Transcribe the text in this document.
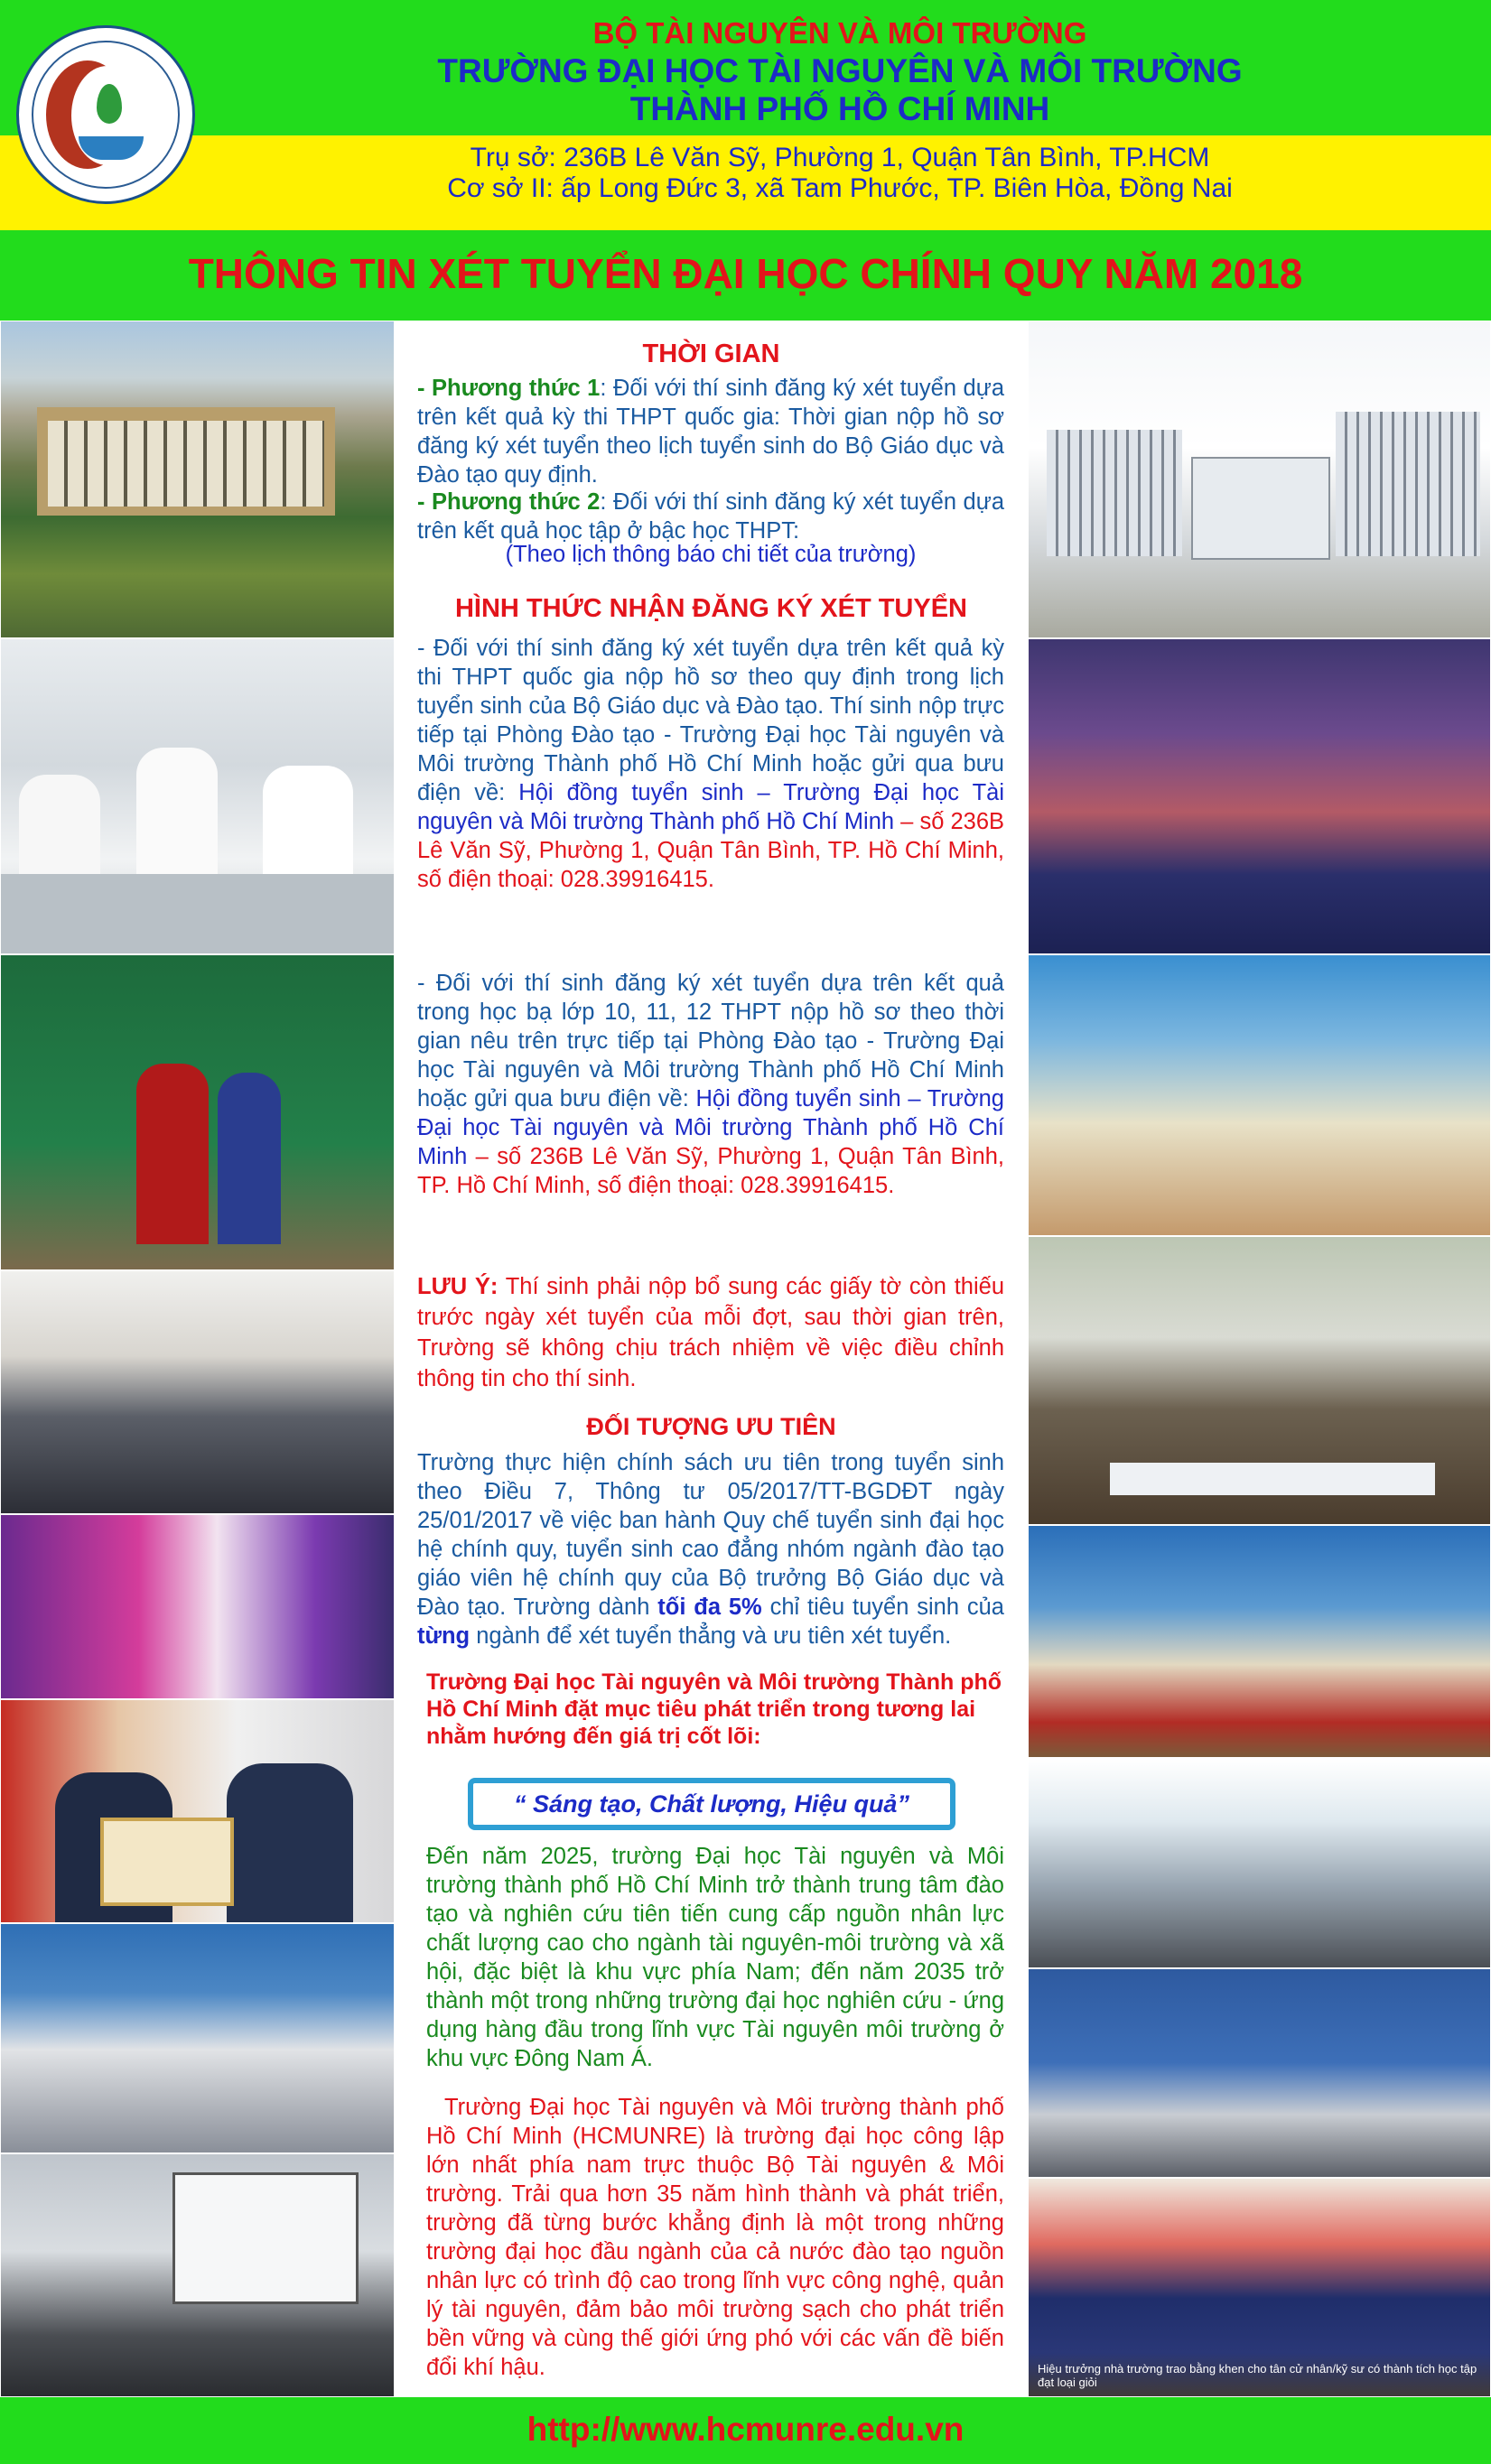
BỘ TÀI NGUYÊN VÀ MÔI TRƯỜNG
TRƯỜNG ĐẠI HỌC TÀI NGUYÊN VÀ MÔI TRƯỜNG
THÀNH PHỐ HỒ CHÍ MINH
Trụ sở: 236B Lê Văn Sỹ, Phường 1, Quận Tân Bình, TP.HCM
Cơ sở II: ấp Long Đức 3, xã Tam Phước, TP. Biên Hòa, Đồng Nai
THÔNG TIN XÉT TUYỂN ĐẠI HỌC CHÍNH QUY NĂM 2018
Hiệu trưởng nhà trường trao bằng khen cho tân cử nhân/kỹ sư có thành tích học tập đạt loại giỏi
THỜI GIAN
- Phương thức 1: Đối với thí sinh đăng ký xét tuyển dựa trên kết quả kỳ thi THPT quốc gia: Thời gian nộp hồ sơ đăng ký xét tuyển theo lịch tuyển sinh do Bộ Giáo dục và Đào tạo quy định.
- Phương thức 2: Đối với thí sinh đăng ký xét tuyển dựa trên kết quả học tập ở bậc học THPT:
(Theo lịch thông báo chi tiết của trường)
HÌNH THỨC NHẬN ĐĂNG KÝ XÉT TUYỂN
- Đối với thí sinh đăng ký xét tuyển dựa trên kết quả kỳ thi THPT quốc gia nộp hồ sơ theo quy định trong lịch tuyển sinh của Bộ Giáo dục và Đào tạo. Thí sinh nộp trực tiếp tại Phòng Đào tạo - Trường Đại học Tài nguyên và Môi trường Thành phố Hồ Chí Minh hoặc gửi qua bưu điện về: Hội đồng tuyển sinh – Trường Đại học Tài nguyên và Môi trường Thành phố Hồ Chí Minh – số 236B Lê Văn Sỹ, Phường 1, Quận Tân Bình, TP. Hồ Chí Minh, số điện thoại: 028.39916415.
- Đối với thí sinh đăng ký xét tuyển dựa trên kết quả trong học bạ lớp 10, 11, 12 THPT nộp hồ sơ theo thời gian nêu trên trực tiếp tại Phòng Đào tạo - Trường Đại học Tài nguyên và Môi trường Thành phố Hồ Chí Minh hoặc gửi qua bưu điện về: Hội đồng tuyển sinh – Trường Đại học Tài nguyên và Môi trường Thành phố Hồ Chí Minh – số 236B Lê Văn Sỹ, Phường 1, Quận Tân Bình, TP. Hồ Chí Minh, số điện thoại: 028.39916415.
LƯU Ý: Thí sinh phải nộp bổ sung các giấy tờ còn thiếu trước ngày xét tuyển của mỗi đợt, sau thời gian trên, Trường sẽ không chịu trách nhiệm về việc điều chỉnh thông tin cho thí sinh.
ĐỐI TƯỢNG ƯU TIÊN
Trường thực hiện chính sách ưu tiên trong tuyển sinh theo Điều 7, Thông tư 05/2017/TT-BGDĐT ngày 25/01/2017 về việc ban hành Quy chế tuyển sinh đại học hệ chính quy, tuyển sinh cao đẳng nhóm ngành đào tạo giáo viên hệ chính quy của Bộ trưởng Bộ Giáo dục và Đào tạo. Trường dành tối đa 5% chỉ tiêu tuyển sinh của từng ngành để xét tuyển thẳng và ưu tiên xét tuyển.
Trường Đại học Tài nguyên và Môi trường Thành phố Hồ Chí Minh đặt mục tiêu phát triển trong tương lai nhằm hướng đến giá trị cốt lõi:
“ Sáng tạo, Chất lượng, Hiệu quả”
Đến năm 2025, trường Đại học Tài nguyên và Môi trường thành phố Hồ Chí Minh trở thành trung tâm đào tạo và nghiên cứu tiên tiến cung cấp nguồn nhân lực chất lượng cao cho ngành tài nguyên-môi trường và xã hội, đặc biệt là khu vực phía Nam; đến năm 2035 trở thành một trong những trường đại học nghiên cứu - ứng dụng hàng đầu trong lĩnh vực Tài nguyên môi trường ở khu vực Đông Nam Á.
Trường Đại học Tài nguyên và Môi trường thành phố Hồ Chí Minh (HCMUNRE) là trường đại học công lập lớn nhất phía nam trực thuộc Bộ Tài nguyên & Môi trường. Trải qua hơn 35 năm hình thành và phát triển, trường đã từng bước khẳng định là một trong những trường đại học đầu ngành của cả nước đào tạo nguồn nhân lực có trình độ cao trong lĩnh vực công nghệ, quản lý tài nguyên, đảm bảo môi trường sạch cho phát triển bền vững và cùng thế giới ứng phó với các vấn đề biến đổi khí hậu.
http://www.hcmunre.edu.vn
